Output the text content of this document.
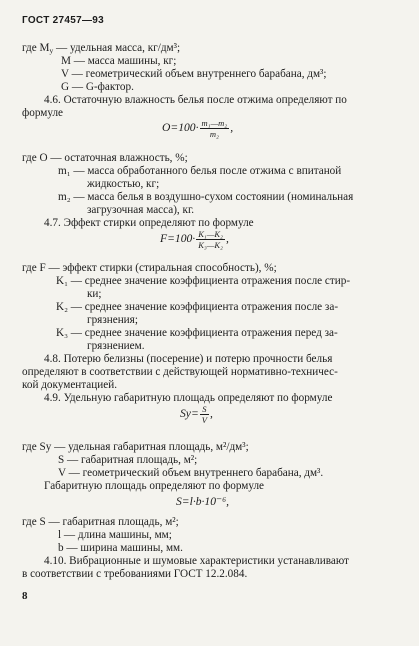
ГОСТ 27457—93
где $M_у$ — удельная масса, кг/дм³;
M — масса машины, кг;
V — геометрический объем внутреннего барабана, дм³;
G — G-фактор.
4.6. Остаточную влажность белья после отжима определяют по
формуле
$O=100\cdot \frac{\text{m₁—m₂}}{\text{m₂}}$ ,
где O — остаточная влажность, %;
m₁ — масса обработанного белья после отжима с впитаной
жидкостью, кг;
m₂ — масса белья в воздушно-сухом состоянии (номинальная
загрузочная масса), кг.
4.7. Эффект стирки определяют по формуле
$F=100\cdot \frac{\text{K₁—K₂}}{\text{K₃—K₂}}$ ,
где F — эффект стирки (стиральная способность), %;
K₁ — среднее значение коэффициента отражения после стир-
ки;
K₂ — среднее значение коэффициента отражения после за-
грязнения;
K₃ — среднее значение коэффициента отражения перед за-
грязнением.
4.8. Потерю белизны (посерение) и потерю прочности белья
определяют в соответствии с действующей нормативно-техничес-
кой документацией.
4.9. Удельную габаритную площадь определяют по формуле
$Sу= \frac{S}{V}$ ,
где Sу — удельная габаритная площадь, м²/дм³;
S — габаритная площадь, м²;
V — геометрический объем внутреннего барабана, дм³.
Габаритную площадь определяют по формуле
S=l·b·10⁻⁶,
где S — габаритная площадь, м²;
l — длина машины, мм;
b — ширина машины, мм.
4.10. Вибрационные и шумовые характеристики устанавливают
в соответствии с требованиями ГОСТ 12.2.084.
8
